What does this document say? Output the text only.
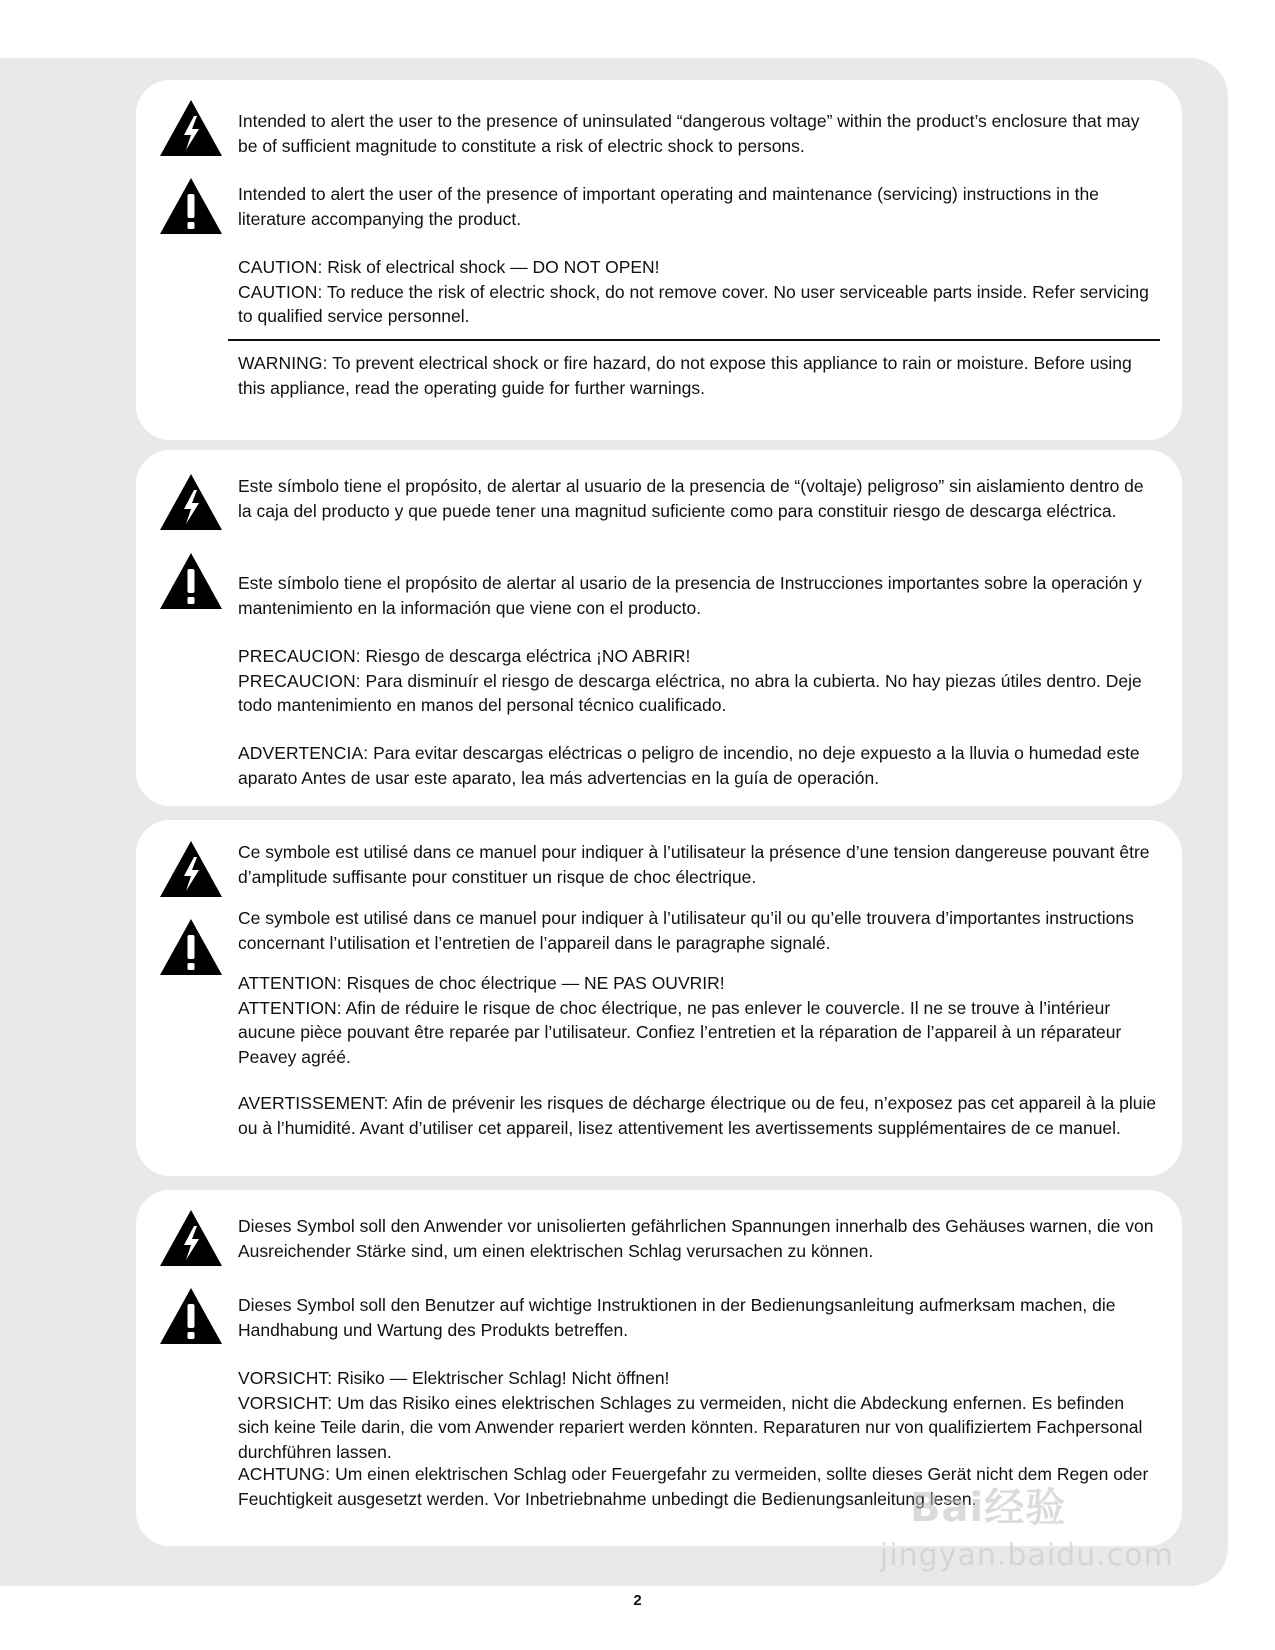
Intended to alert the user to the presence of uninsulated “dangerous voltage” within the product’s enclosure that may be of sufficient magnitude to constitute a risk of electric shock to persons.

Intended to alert the user of the presence of important operating and maintenance (servicing) instructions in the literature accompanying the product.

CAUTION: Risk of electrical shock — DO NOT OPEN!
CAUTION: To reduce the risk of electric shock, do not remove cover. No user serviceable parts inside. Refer servicing to qualified service personnel.

WARNING: To prevent electrical shock or fire hazard, do not expose this appliance to rain or moisture. Before using this appliance, read the operating guide for further warnings.

Este símbolo tiene el propósito, de alertar al usuario de la presencia de “(voltaje) peligroso” sin aislamiento dentro de la caja del producto y que puede tener una magnitud suficiente como para constituir riesgo de descarga eléctrica.

Este símbolo tiene el propósito de alertar al usario de la presencia de Instrucciones importantes sobre la operación y mantenimiento en la información que viene con el producto.

PRECAUCION: Riesgo de descarga eléctrica ¡NO ABRIR!
PRECAUCION: Para disminuír el riesgo de descarga eléctrica, no abra la cubierta. No hay piezas útiles dentro. Deje todo mantenimiento en manos del personal técnico cualificado.

ADVERTENCIA: Para evitar descargas eléctricas o peligro de incendio, no deje expuesto a la lluvia o humedad este aparato Antes de usar este aparato, lea más advertencias en la guía de operación.

Ce symbole est utilisé dans ce manuel pour indiquer à l’utilisateur la présence d’une tension dangereuse pouvant être d’amplitude suffisante pour constituer un risque de choc électrique.

Ce symbole est utilisé dans ce manuel pour indiquer à l’utilisateur qu’il ou qu’elle trouvera d’importantes instructions concernant l’utilisation et l’entretien de l’appareil dans le paragraphe signalé.

ATTENTION: Risques de choc électrique — NE PAS OUVRIR!
ATTENTION: Afin de réduire le risque de choc électrique, ne pas enlever le couvercle. Il ne se trouve à l’intérieur aucune pièce pouvant être reparée par l’utilisateur. Confiez l’entretien et la réparation de l’appareil à un réparateur Peavey agréé.

AVERTISSEMENT: Afin de prévenir les risques de décharge électrique ou de feu, n’exposez pas cet appareil à la pluie ou à l’humidité. Avant d’utiliser cet appareil, lisez attentivement les avertissements supplémentaires de ce manuel.

Dieses Symbol soll den Anwender vor unisolierten gefährlichen Spannungen innerhalb des Gehäuses warnen, die von Ausreichender Stärke sind, um einen elektrischen Schlag verursachen zu können.

Dieses Symbol soll den Benutzer auf wichtige Instruktionen in der Bedienungsanleitung aufmerksam machen, die Handhabung und Wartung des Produkts betreffen.

VORSICHT: Risiko — Elektrischer Schlag! Nicht öffnen!
VORSICHT: Um das Risiko eines elektrischen Schlages zu vermeiden, nicht die Abdeckung enfernen. Es befinden sich keine Teile darin, die vom Anwender repariert werden könnten. Reparaturen nur von qualifiziertem Fachpersonal durchführen lassen.

ACHTUNG: Um einen elektrischen Schlag oder Feuergefahr zu vermeiden, sollte dieses Gerät nicht dem Regen oder Feuchtigkeit ausgesetzt werden. Vor Inbetriebnahme unbedingt die Bedienungsanleitung lesen.

Bai经验
jingyan.baidu.com
2
